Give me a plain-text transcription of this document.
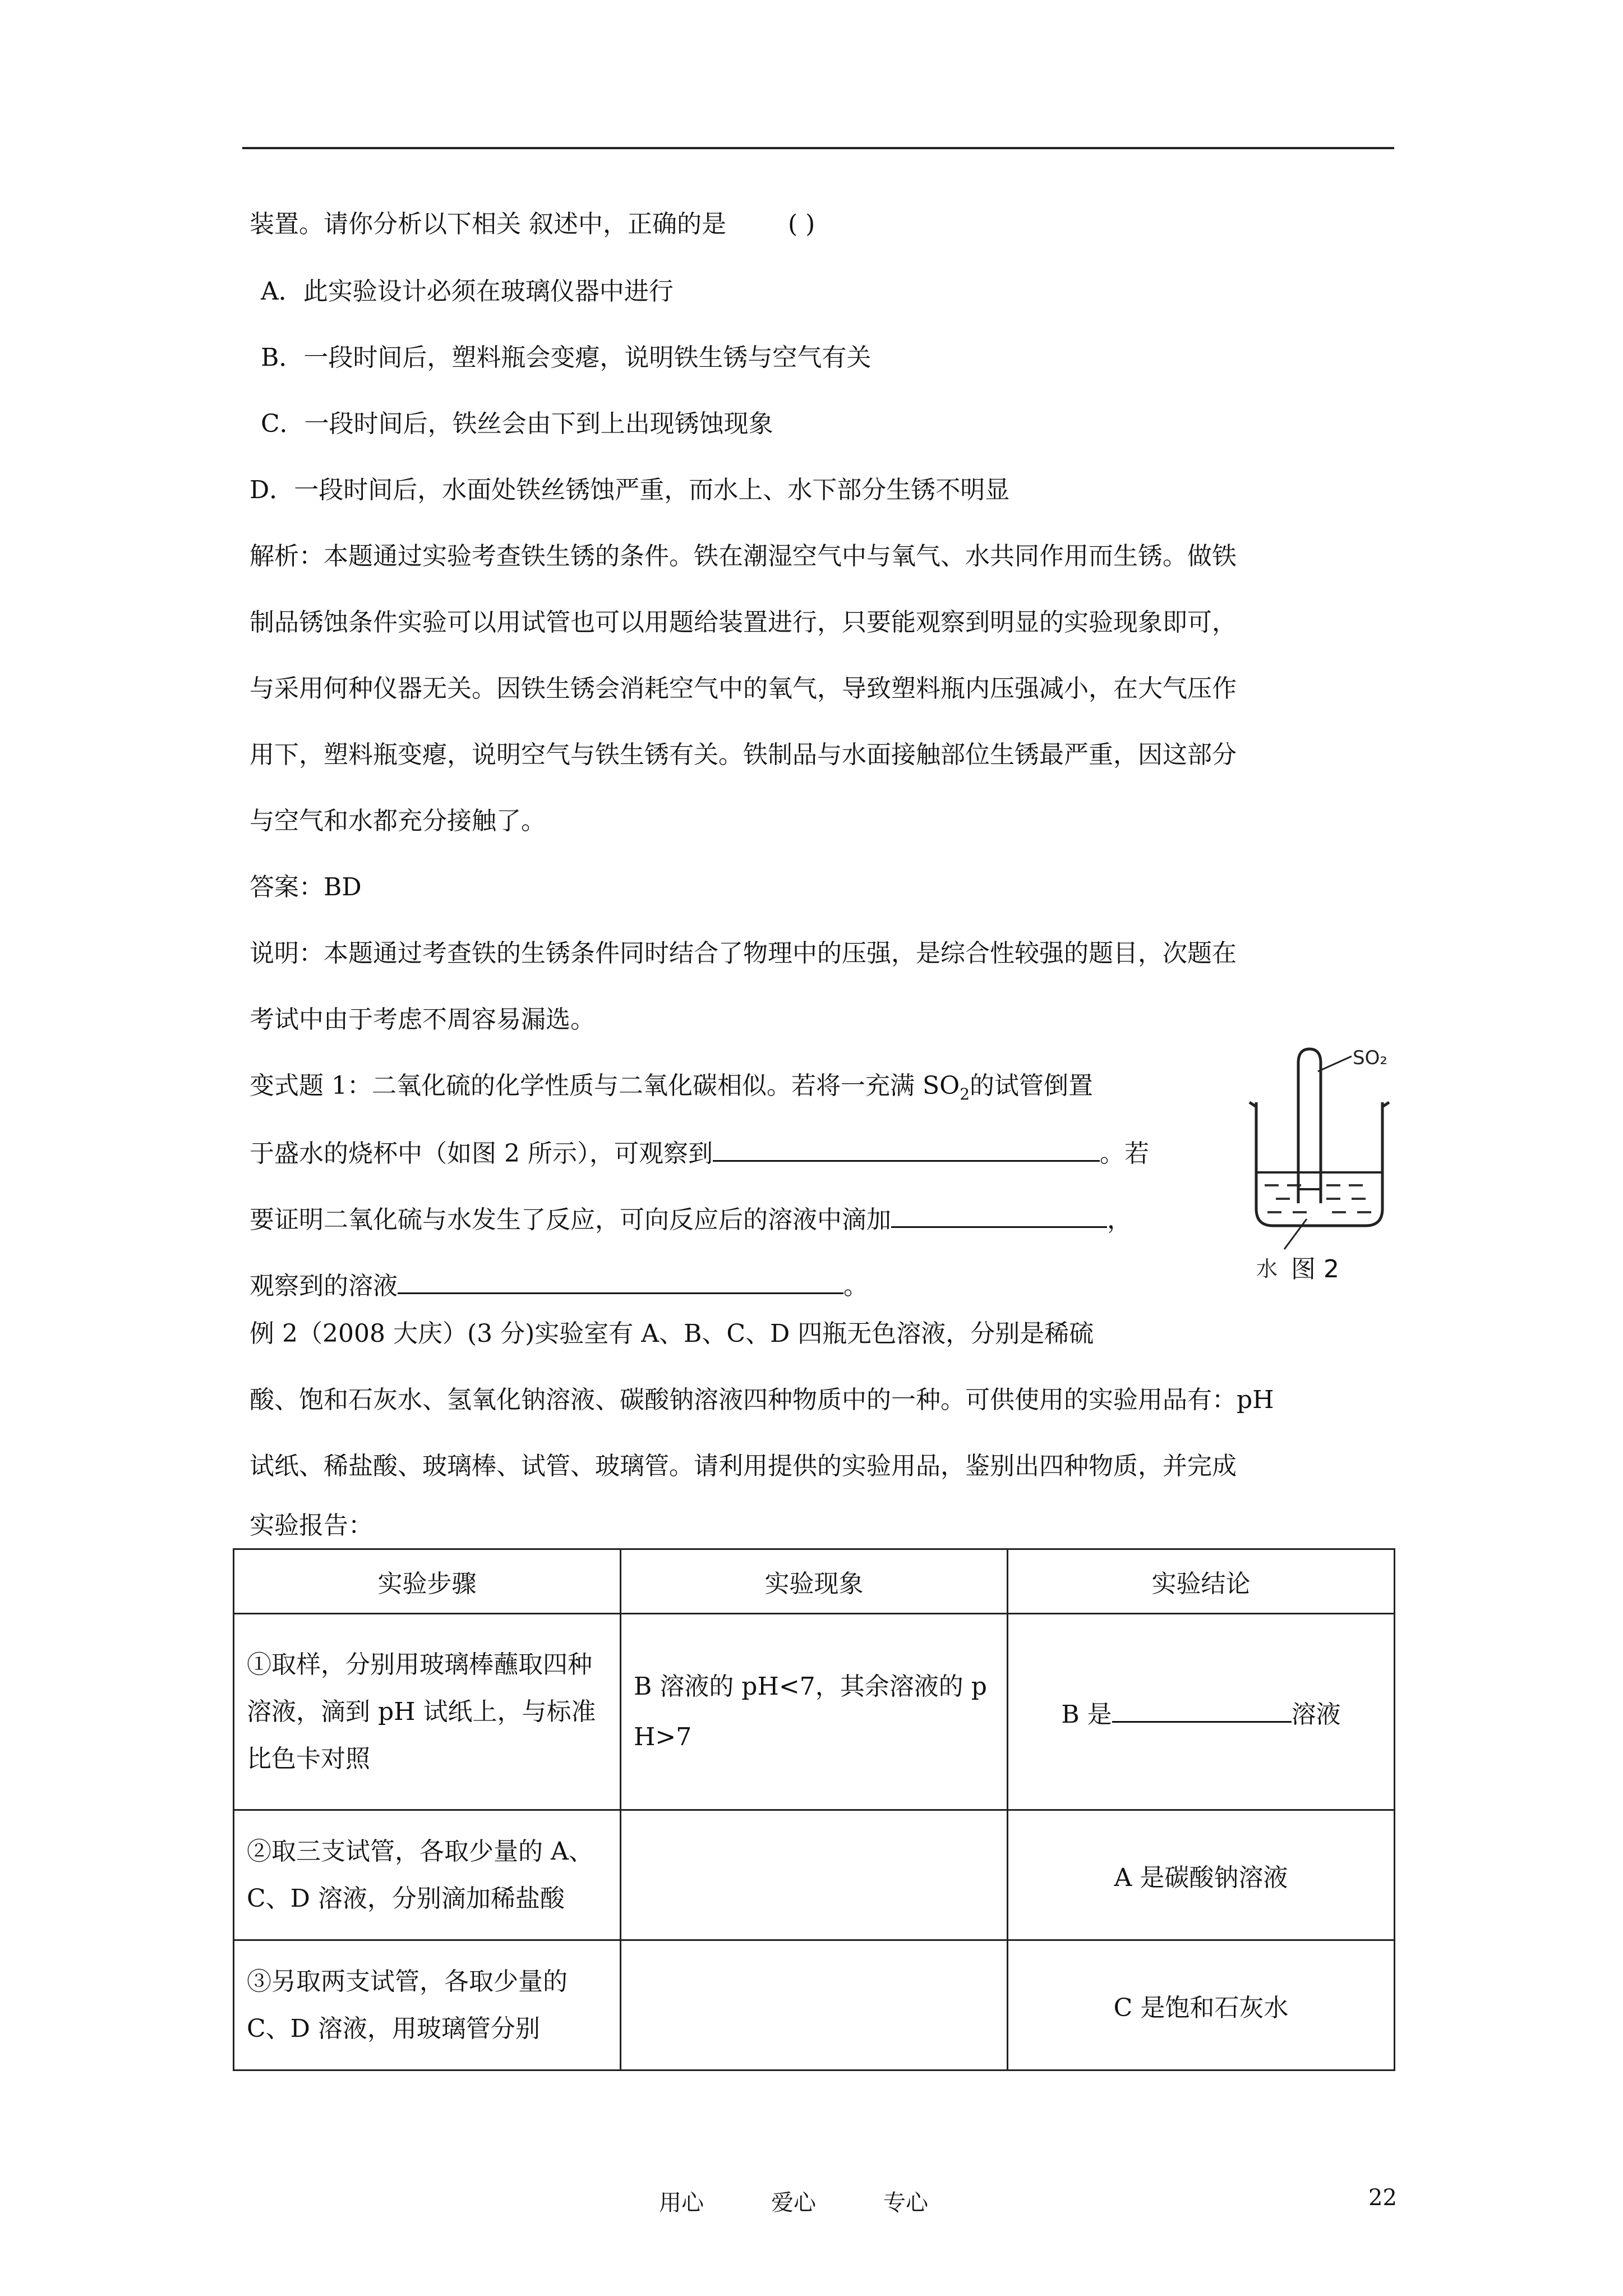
装置。请你分析以下相关 叙述中，正确的是	( )
A．此实验设计必须在玻璃仪器中进行
B．一段时间后，塑料瓶会变瘪，说明铁生锈与空气有关
C．一段时间后，铁丝会由下到上出现锈蚀现象
D．一段时间后，水面处铁丝锈蚀严重，而水上、水下部分生锈不明显
解析：本题通过实验考查铁生锈的条件。铁在潮湿空气中与氧气、水共同作用而生锈。做铁
制品锈蚀条件实验可以用试管也可以用题给装置进行，只要能观察到明显的实验现象即可，
与采用何种仪器无关。因铁生锈会消耗空气中的氧气，导致塑料瓶内压强减小，在大气压作
用下，塑料瓶变瘪，说明空气与铁生锈有关。铁制品与水面接触部位生锈最严重，因这部分
与空气和水都充分接触了。
答案：BD
说明：本题通过考查铁的生锈条件同时结合了物理中的压强，是综合性较强的题目，次题在
考试中由于考虑不周容易漏选。
变式题 1：二氧化硫的化学性质与二氧化碳相似。若将一充满 $SO_2$的试管倒置
于盛水的烧杯中（如图 2 所示），可观察到	。若
要证明二氧化硫与水发生了反应，可向反应后的溶液中滴加	，
观察到的溶液	。
SO₂
水 图 2
例 2（2008 大庆）(3 分)实验室有 A、B、C、D 四瓶无色溶液，分别是稀硫
酸、饱和石灰水、氢氧化钠溶液、碳酸钠溶液四种物质中的一种。可供使用的实验用品有：pH
试纸、稀盐酸、玻璃棒、试管、玻璃管。请利用提供的实验用品，鉴别出四种物质，并完成
实验报告：
实验步骤	实验现象	实验结论
①取样，分别用玻璃棒蘸取四种溶液，滴到 pH 试纸上，与标准比色卡对照	B 溶液的 pH<7，其余溶液的 pH>7	B 是 溶液
②取三支试管，各取少量的 A、C、D 溶液，分别滴加稀盐酸		A 是碳酸钠溶液
③另取两支试管，各取少量的 C、D 溶液，用玻璃管分别		C 是饱和石灰水
用心	爱心	专心	22
